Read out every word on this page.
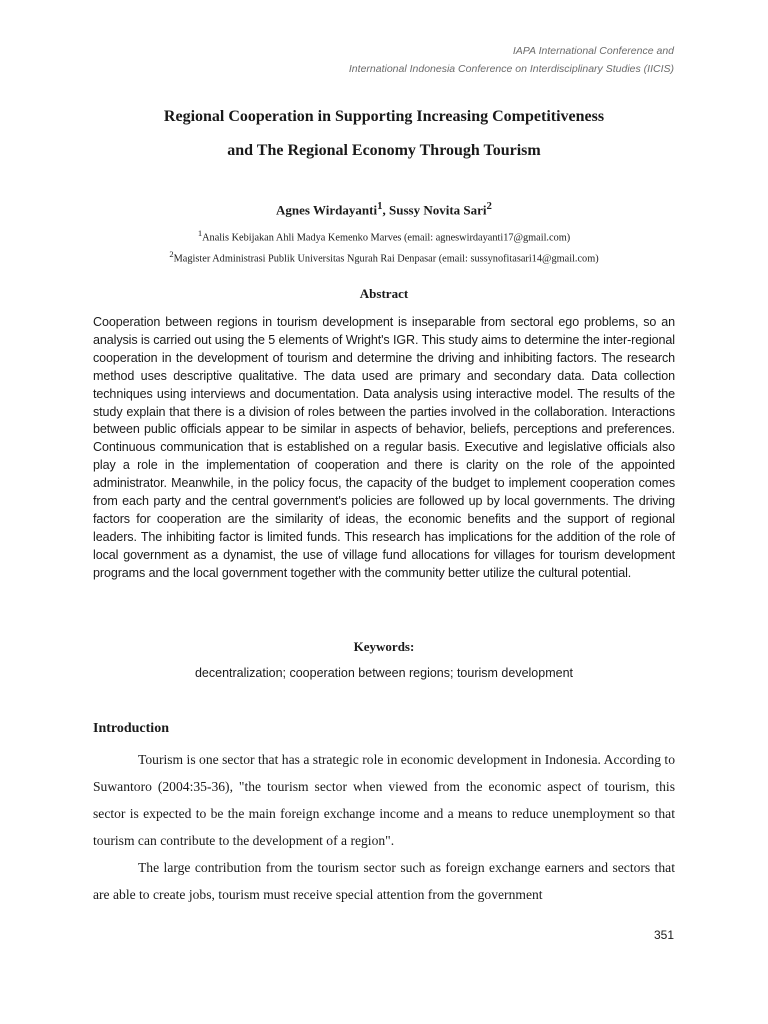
IAPA International Conference and
International Indonesia Conference on Interdisciplinary Studies (IICIS)
Regional Cooperation in Supporting Increasing Competitiveness
and The Regional Economy Through Tourism
Agnes Wirdayanti$^1$, Sussy Novita Sari$^2$
$^1$Analis Kebijakan Ahli Madya Kemenko Marves (email: agneswirdayanti17@gmail.com)
$^2$Magister Administrasi Publik Universitas Ngurah Rai Denpasar (email: sussynofitasari14@gmail.com)
Abstract
Cooperation between regions in tourism development is inseparable from sectoral ego problems, so an analysis is carried out using the 5 elements of Wright's IGR. This study aims to determine the inter-regional cooperation in the development of tourism and determine the driving and inhibiting factors. The research method uses descriptive qualitative. The data used are primary and secondary data. Data collection techniques using interviews and documentation. Data analysis using interactive model. The results of the study explain that there is a division of roles between the parties involved in the collaboration. Interactions between public officials appear to be similar in aspects of behavior, beliefs, perceptions and preferences. Continuous communication that is established on a regular basis. Executive and legislative officials also play a role in the implementation of cooperation and there is clarity on the role of the appointed administrator. Meanwhile, in the policy focus, the capacity of the budget to implement cooperation comes from each party and the central government's policies are followed up by local governments. The driving factors for cooperation are the similarity of ideas, the economic benefits and the support of regional leaders. The inhibiting factor is limited funds. This research has implications for the addition of the role of local government as a dynamist, the use of village fund allocations for villages for tourism development programs and the local government together with the community better utilize the cultural potential.
Keywords:
decentralization; cooperation between regions; tourism development
Introduction

Tourism is one sector that has a strategic role in economic development in Indonesia. According to Suwantoro (2004:35-36), "the tourism sector when viewed from the economic aspect of tourism, this sector is expected to be the main foreign exchange income and a means to reduce unemployment so that tourism can contribute to the development of a region".

The large contribution from the tourism sector such as foreign exchange earners and sectors that are able to create jobs, tourism must receive special attention from the government

351
